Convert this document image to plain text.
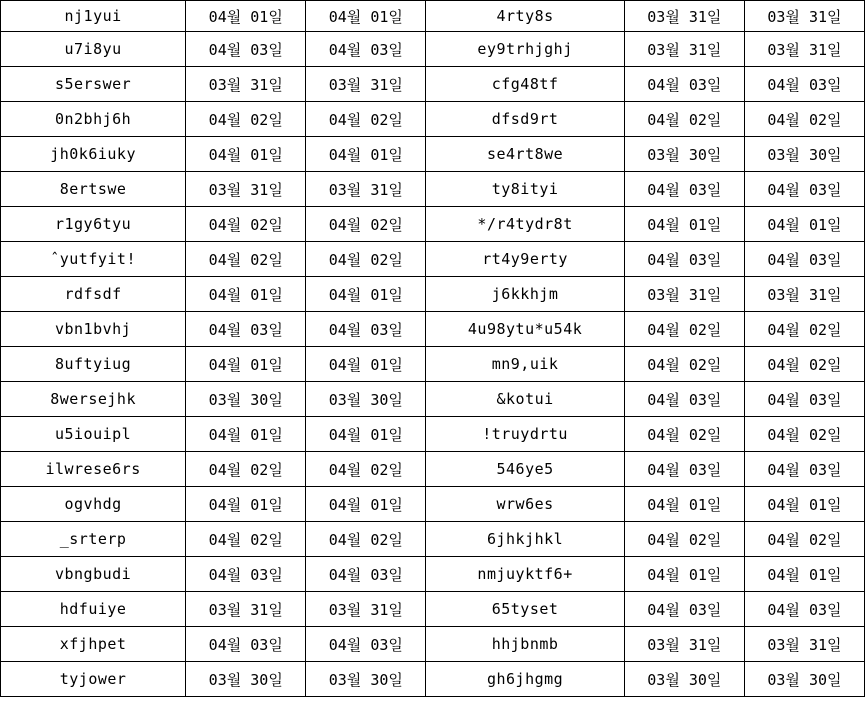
nj1yui	04월 01일	04월 01일	4rty8s	03월 31일	03월 31일
u7i8yu	04월 03일	04월 03일	ey9trhjghj	03월 31일	03월 31일
s5erswer	03월 31일	03월 31일	cfg48tf	04월 03일	04월 03일
0n2bhj6h	04월 02일	04월 02일	dfsd9rt	04월 02일	04월 02일
jh0k6iuky	04월 01일	04월 01일	se4rt8we	03월 30일	03월 30일
8ertswe	03월 31일	03월 31일	ty8ityi	04월 03일	04월 03일
r1gy6tyu	04월 02일	04월 02일	*/r4tydr8t	04월 01일	04월 01일
ˆyutfyit!	04월 02일	04월 02일	rt4y9erty	04월 03일	04월 03일
rdfsdf	04월 01일	04월 01일	j6kkhjm	03월 31일	03월 31일
vbn1bvhj	04월 03일	04월 03일	4u98ytu*u54k	04월 02일	04월 02일
8uftyiug	04월 01일	04월 01일	mn9,uik	04월 02일	04월 02일
8wersejhk	03월 30일	03월 30일	&kotui	04월 03일	04월 03일
u5iouipl	04월 01일	04월 01일	!truydrtu	04월 02일	04월 02일
ilwrese6rs	04월 02일	04월 02일	546ye5	04월 03일	04월 03일
ogvhdg	04월 01일	04월 01일	wrw6es	04월 01일	04월 01일
_srterp	04월 02일	04월 02일	6jhkjhkl	04월 02일	04월 02일
vbngbudi	04월 03일	04월 03일	nmjuyktf6+	04월 01일	04월 01일
hdfuiye	03월 31일	03월 31일	65tyset	04월 03일	04월 03일
xfjhpet	04월 03일	04월 03일	hhjbnmb	03월 31일	03월 31일
tyjower	03월 30일	03월 30일	gh6jhgmg	03월 30일	03월 30일
